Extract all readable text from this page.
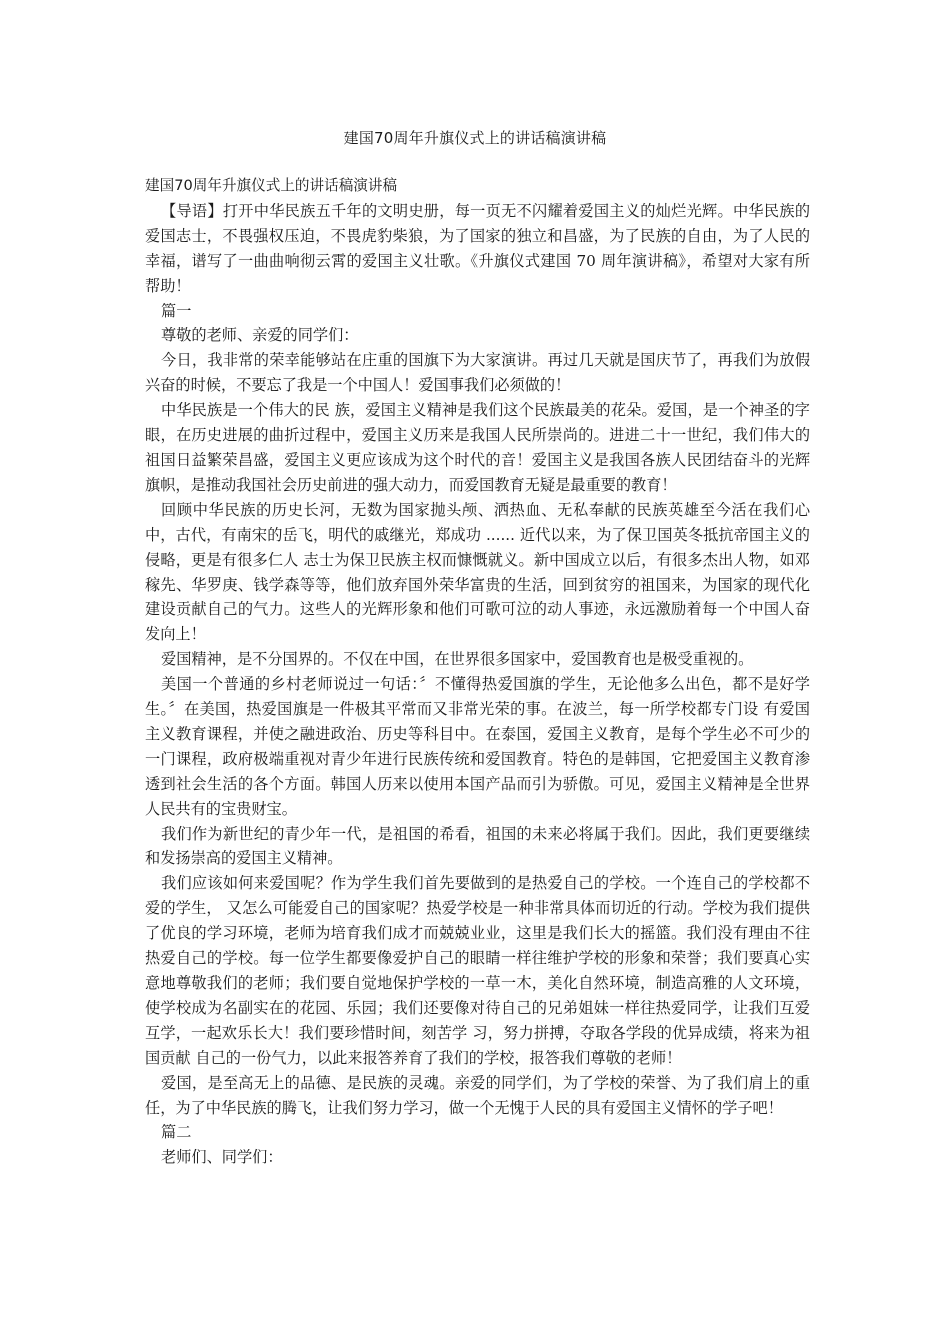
建国70周年升旗仪式上的讲话稿演讲稿

建国70周年升旗仪式上的讲话稿演讲稿

【导语】打开中华民族五千年的文明史册，每一页无不闪耀着爱国主义的灿烂光辉。中华民族的爱国志士，不畏强权压迫，不畏虎豹柴狼，为了国家的独立和昌盛，为了民族的自由，为了人民的幸福，谱写了一曲曲响彻云霄的爱国主义壮歌。《升旗仪式建国 70 周年演讲稿》，希望对大家有所帮助！

篇一

尊敬的老师、亲爱的同学们：

今日，我非常的荣幸能够站在庄重的国旗下为大家演讲。再过几天就是国庆节了，再我们为放假兴奋的时候，不要忘了我是一个中国人！爱国事我们必须做的！

中华民族是一个伟大的民 族，爱国主义精神是我们这个民族最美的花朵。爱国，是一个神圣的字眼，在历史进展的曲折过程中，爱国主义历来是我国人民所崇尚的。进进二十一世纪，我们伟大的祖国日益繁荣昌盛，爱国主义更应该成为这个时代的音！爱国主义是我国各族人民团结奋斗的光辉旗帜，是推动我国社会历史前进的强大动力，而爱国教育无疑是最重要的教育！

回顾中华民族的历史长河，无数为国家抛头颅、洒热血、无私奉献的民族英雄至今活在我们心中，古代，有南宋的岳飞，明代的戚继光，郑成功 ...... 近代以来，为了保卫国英冬抵抗帝国主义的侵略，更是有很多仁人 志士为保卫民族主权而慷慨就义。新中国成立以后，有很多杰出人物，如邓稼先、华罗庚、钱学森等等，他们放弃国外荣华富贵的生活，回到贫穷的祖国来，为国家的现代化建设贡献自己的气力。这些人的光辉形象和他们可歌可泣的动人事迹，永远激励着每一个中国人奋发向上！

爱国精神，是不分国界的。不仅在中国，在世界很多国家中，爱国教育也是极受重视的。

美国一个普通的乡村老师说过一句话：〞不懂得热爱国旗的学生，无论他多么出色，都不是好学生。〞在美国，热爱国旗是一件极其平常而又非常光荣的事。在波兰，每一所学校都专门设 有爱国主义教育课程，并使之融进政治、历史等科目中。在泰国，爱国主义教育，是每个学生必不可少的一门课程，政府极端重视对青少年进行民族传统和爱国教育。特色的是韩国，它把爱国主义教育渗透到社会生活的各个方面。韩国人历来以使用本国产品而引为骄傲。可见，爱国主义精神是全世界人民共有的宝贵财宝。

我们作为新世纪的青少年一代，是祖国的希看，祖国的未来必将属于我们。因此，我们更要继续和发扬崇高的爱国主义精神。

我们应该如何来爱国呢？作为学生我们首先要做到的是热爱自己的学校。一个连自己的学校都不爱的学生， 又怎么可能爱自己的国家呢？热爱学校是一种非常具体而切近的行动。学校为我们提供了优良的学习环境，老师为培育我们成才而兢兢业业，这里是我们长大的摇篮。我们没有理由不往热爱自己的学校。每一位学生都要像爱护自己的眼睛一样往维护学校的形象和荣誉；我们要真心实意地尊敬我们的老师；我们要自觉地保护学校的一草一木，美化自然环境，制造高雅的人文环境，使学校成为名副实在的花园、乐园；我们还要像对待自己的兄弟姐妹一样往热爱同学，让我们互爱互学，一起欢乐长大！我们要珍惜时间，刻苦学 习，努力拼搏，夺取各学段的优异成绩，将来为祖国贡献 自己的一份气力，以此来报答养育了我们的学校，报答我们尊敬的老师！

爱国，是至高无上的品德、是民族的灵魂。亲爱的同学们，为了学校的荣誉、为了我们肩上的重任，为了中华民族的腾飞，让我们努力学习，做一个无愧于人民的具有爱国主义情怀的学子吧！

篇二

老师们、同学们：
